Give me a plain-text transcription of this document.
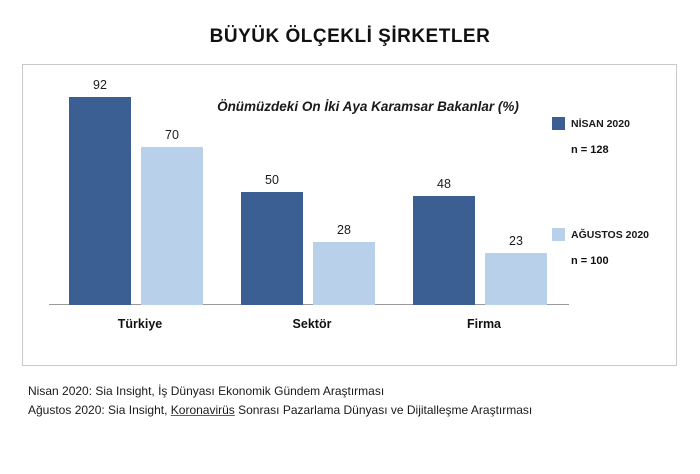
BÜYÜK ÖLÇEKLİ ŞİRKETLER
Önümüzdeki On İki Aya Karamsar Bakanlar (%)
92
70
50
28
48
23
Türkiye	Sektör	Firma
NİSAN 2020
n = 128
AĞUSTOS 2020
n = 100
Nisan 2020: Sia Insight, İş Dünyası Ekonomik Gündem Araştırması
Ağustos 2020: Sia Insight, Koronavirüs Sonrası Pazarlama Dünyası ve Dijitalleşme Araştırması
